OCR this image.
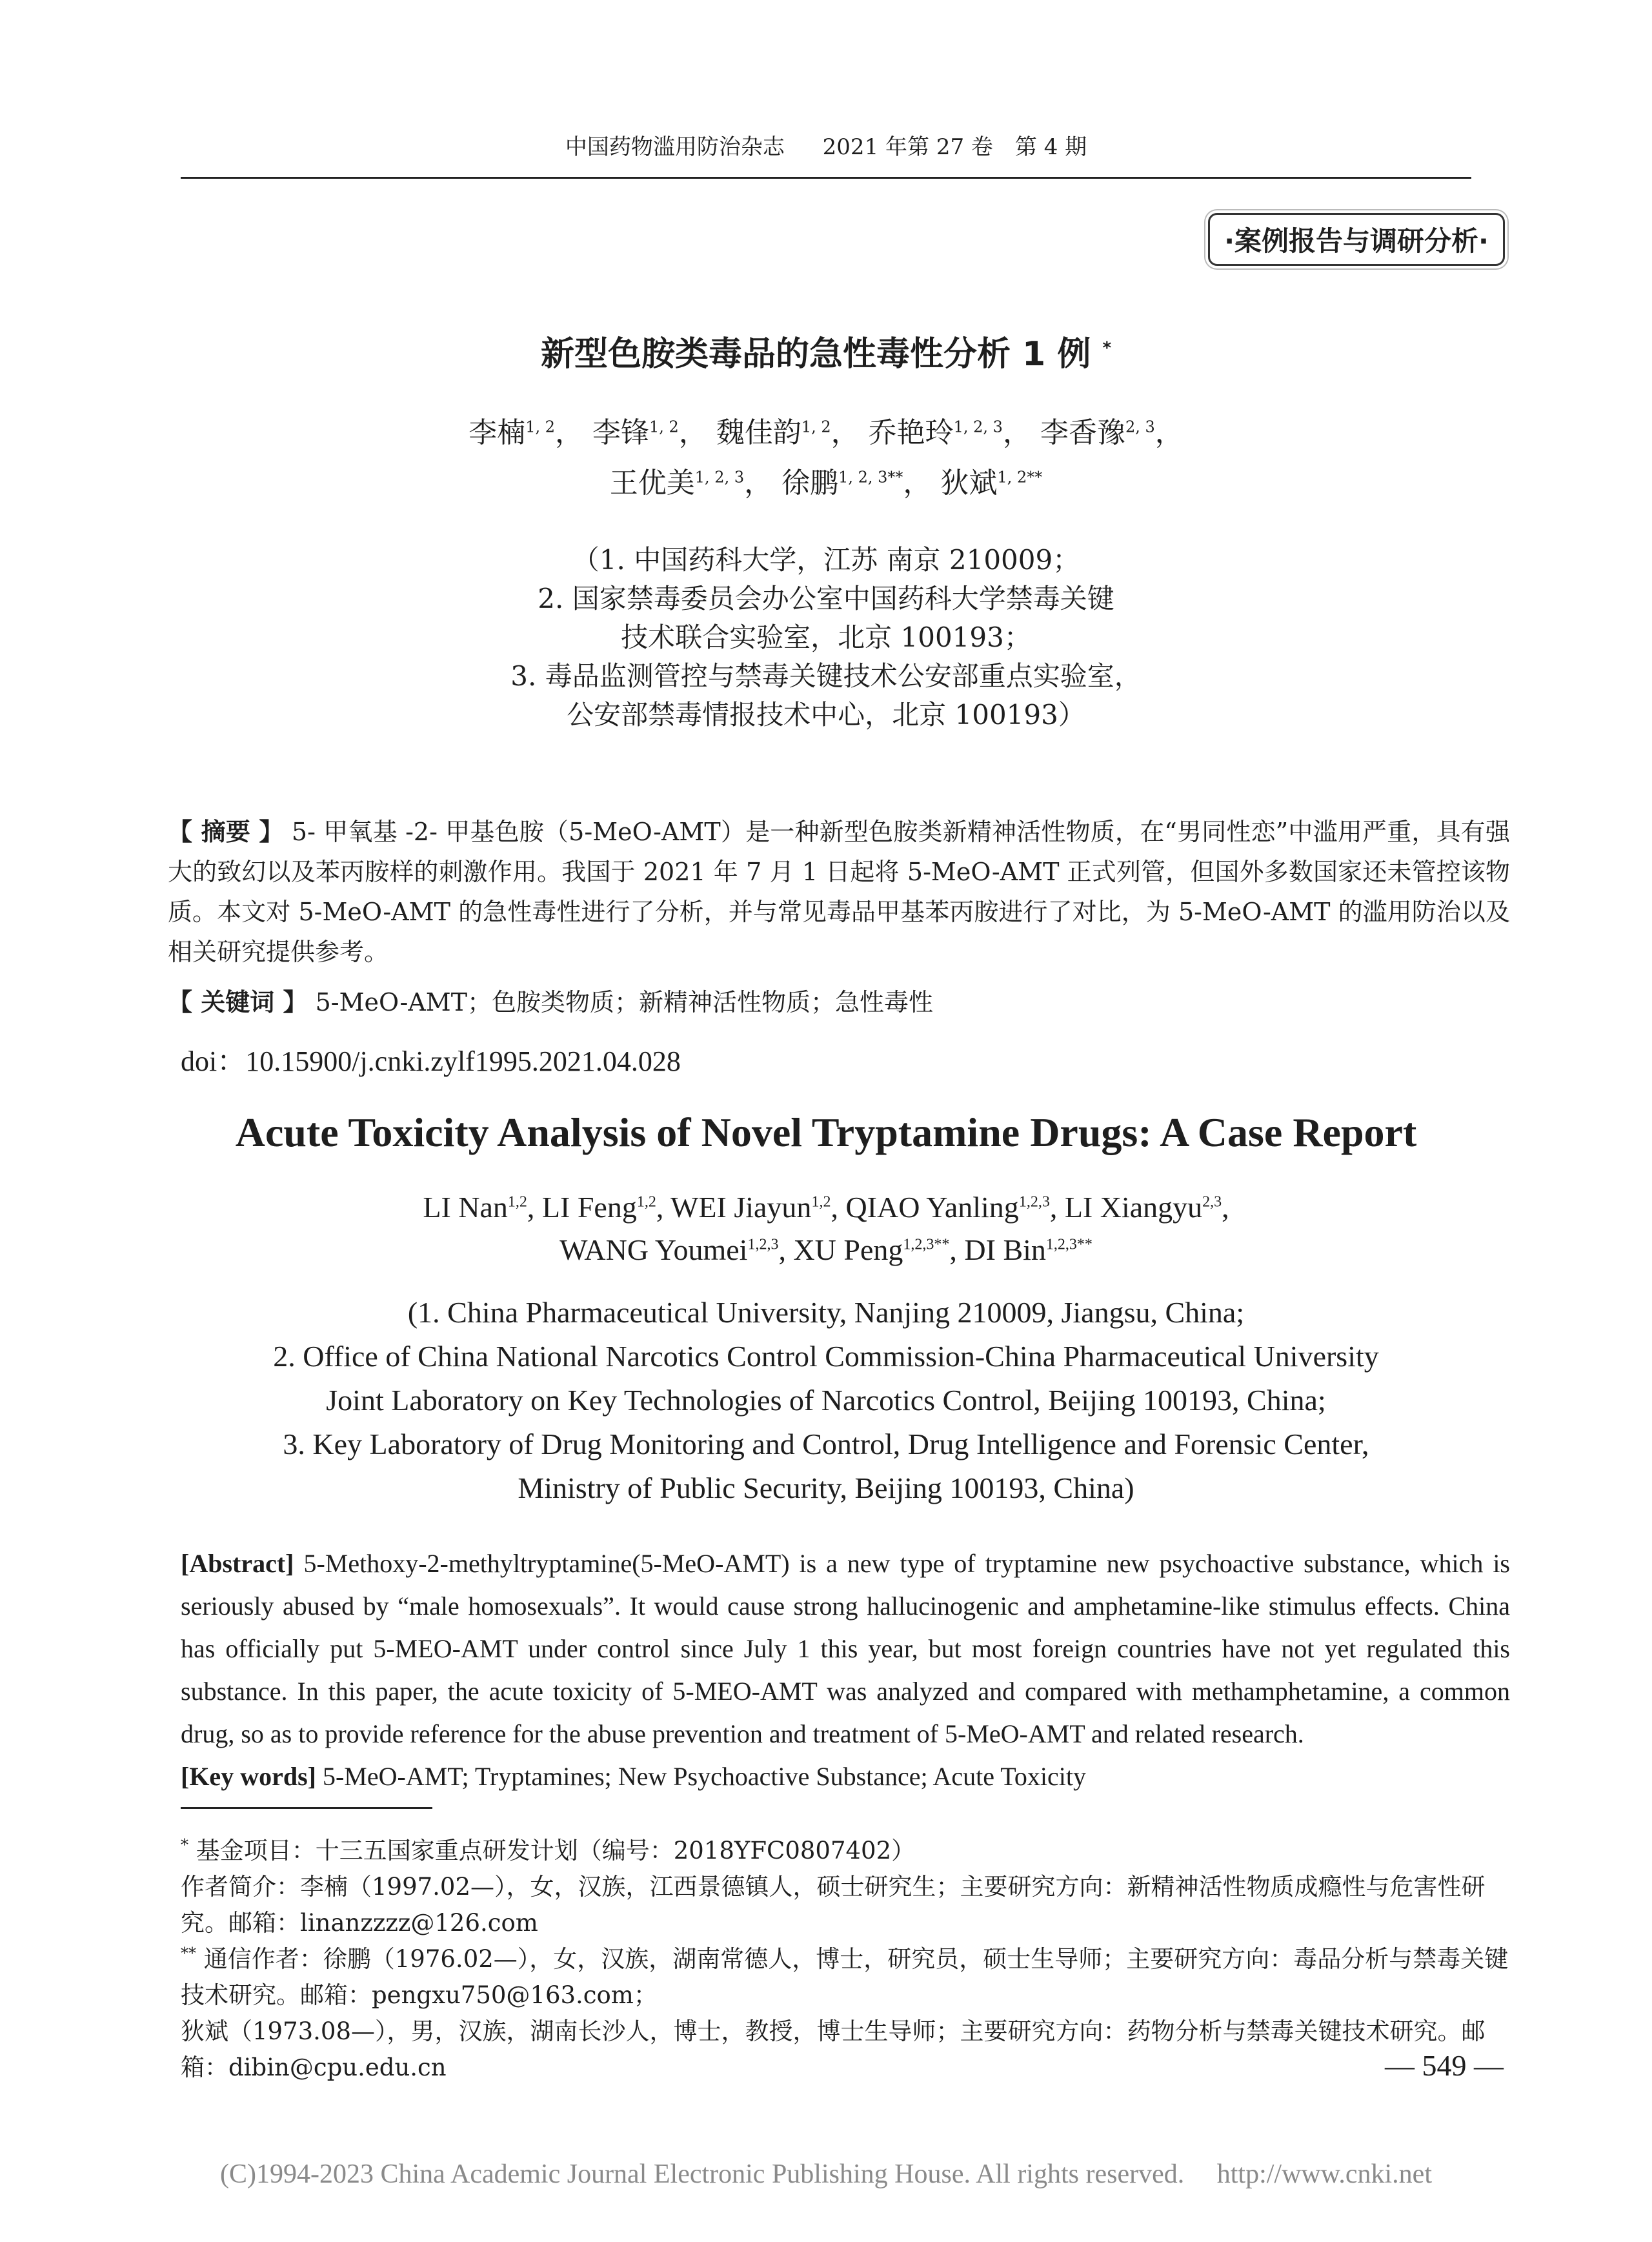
中国药物滥用防治杂志 2021 年第 27 卷　第 4 期
·案例报告与调研分析·
新型色胺类毒品的急性毒性分析 1 例 *
李楠$^{1, 2}$， 李锋$^{1, 2}$， 魏佳韵$^{1, 2}$， 乔艳玲$^{1, 2, 3}$， 李香豫$^{2, 3}$，
王优美$^{1, 2, 3}$， 徐鹏$^{1, 2, 3**}$， 狄斌$^{1, 2**}$
（1. 中国药科大学，江苏 南京 210009；
2. 国家禁毒委员会办公室中国药科大学禁毒关键
技术联合实验室，北京 100193；
3. 毒品监测管控与禁毒关键技术公安部重点实验室，
公安部禁毒情报技术中心，北京 100193）
【 摘要 】 5- 甲氧基 -2- 甲基色胺（5-MeO-AMT）是一种新型色胺类新精神活性物质，在“男同性恋”中滥用严重，具有强大的致幻以及苯丙胺样的刺激作用。我国于 2021 年 7 月 1 日起将 5-MeO-AMT 正式列管，但国外多数国家还未管控该物质。本文对 5-MeO-AMT 的急性毒性进行了分析，并与常见毒品甲基苯丙胺进行了对比，为 5-MeO-AMT 的滥用防治以及相关研究提供参考。
【 关键词 】 5-MeO-AMT；色胺类物质；新精神活性物质；急性毒性
doi：10.15900/j.cnki.zylf1995.2021.04.028
Acute Toxicity Analysis of Novel Tryptamine Drugs: A Case Report
LI Nan$^{1,2}$, LI Feng$^{1,2}$, WEI Jiayun$^{1,2}$, QIAO Yanling$^{1,2,3}$, LI Xiangyu$^{2,3}$,
WANG Youmei$^{1,2,3}$, XU Peng$^{1,2,3**}$, DI Bin$^{1,2,3**}$
(1. China Pharmaceutical University, Nanjing 210009, Jiangsu, China;
2. Office of China National Narcotics Control Commission-China Pharmaceutical University
Joint Laboratory on Key Technologies of Narcotics Control, Beijing 100193, China;
3. Key Laboratory of Drug Monitoring and Control, Drug Intelligence and Forensic Center,
Ministry of Public Security, Beijing 100193, China)
[Abstract] 5-Methoxy-2-methyltryptamine(5-MeO-AMT) is a new type of tryptamine new psychoactive substance, which is seriously abused by “male homosexuals”. It would cause strong hallucinogenic and amphetamine-like stimulus effects. China has officially put 5-MEO-AMT under control since July 1 this year, but most foreign countries have not yet regulated this substance. In this paper, the acute toxicity of 5-MEO-AMT was analyzed and compared with methamphetamine, a common drug, so as to provide reference for the abuse prevention and treatment of 5-MeO-AMT and related research.
[Key words] 5-MeO-AMT; Tryptamines; New Psychoactive Substance; Acute Toxicity

* 基金项目：十三五国家重点研发计划（编号：2018YFC0807402）

作者简介：李楠（1997.02—），女，汉族，江西景德镇人，硕士研究生；主要研究方向：新精神活性物质成瘾性与危害性研究。邮箱：linanzzzz@126.com

** 通信作者：徐鹏（1976.02—），女，汉族，湖南常德人，博士，研究员，硕士生导师；主要研究方向：毒品分析与禁毒关键技术研究。邮箱：pengxu750@163.com；

狄斌（1973.08—），男，汉族，湖南长沙人，博士，教授，博士生导师；主要研究方向：药物分析与禁毒关键技术研究。邮箱：dibin@cpu.edu.cn	— 549 —
(C)1994-2023 China Academic Journal Electronic Publishing House. All rights reserved. http://www.cnki.net
